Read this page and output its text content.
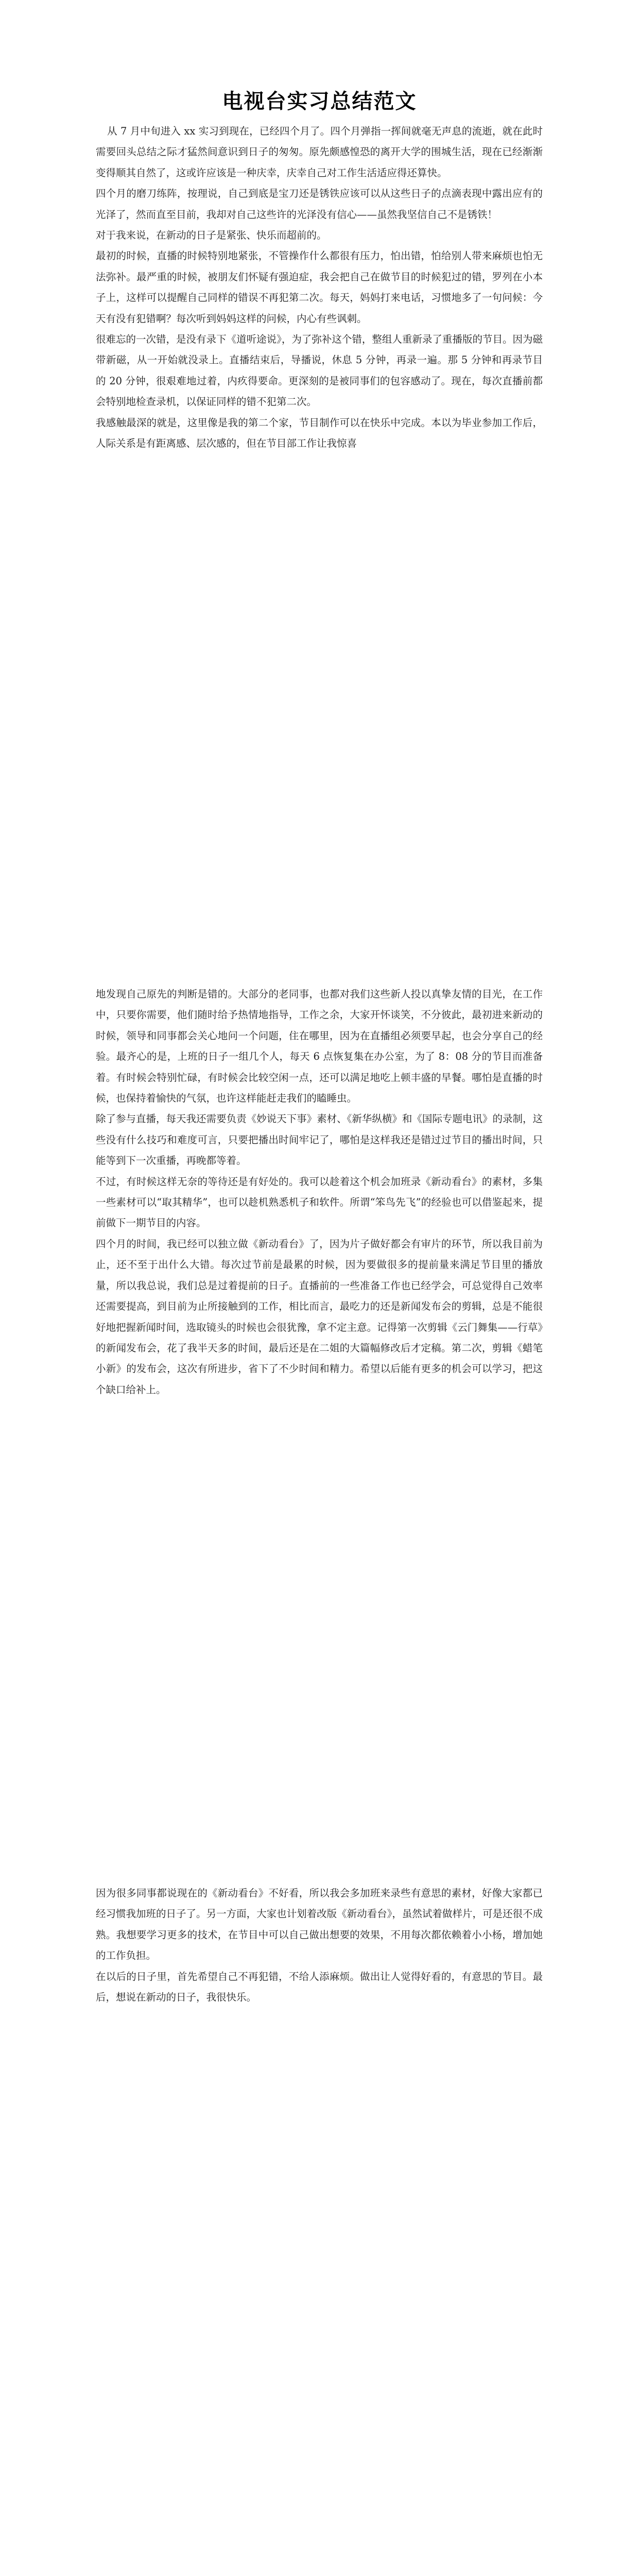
电视台实习总结范文

从 7 月中旬进入 xx 实习到现在，已经四个月了。四个月弹指一挥间就毫无声息的流逝，就在此时需要回头总结之际才猛然间意识到日子的匆匆。原先颇感惶恐的离开大学的围城生活，现在已经渐渐变得顺其自然了，这或许应该是一种庆幸，庆幸自己对工作生活适应得还算快。

四个月的磨刀练阵，按理说，自己到底是宝刀还是锈铁应该可以从这些日子的点滴表现中露出应有的光泽了，然而直至目前，我却对自己这些许的光泽没有信心——虽然我坚信自己不是锈铁！

对于我来说，在新动的日子是紧张、快乐而超前的。

最初的时候，直播的时候特别地紧张，不管操作什么都很有压力，怕出错，怕给别人带来麻烦也怕无法弥补。最严重的时候，被朋友们怀疑有强迫症，我会把自己在做节目的时候犯过的错，罗列在小本子上，这样可以提醒自己同样的错误不再犯第二次。每天，妈妈打来电话，习惯地多了一句问候：今天有没有犯错啊？每次听到妈妈这样的问候，内心有些讽刺。

很难忘的一次错，是没有录下《道听途说》，为了弥补这个错，整组人重新录了重播版的节目。因为磁带新磁，从一开始就没录上。直播结束后，导播说，休息 5 分钟，再录一遍。那 5 分钟和再录节目的 20 分钟，很艰难地过着，内疚得要命。更深刻的是被同事们的包容感动了。现在，每次直播前都会特别地检查录机，以保证同样的错不犯第二次。

我感触最深的就是，这里像是我的第二个家，节目制作可以在快乐中完成。本以为毕业参加工作后，人际关系是有距离感、层次感的，但在节目部工作让我惊喜

地发现自己原先的判断是错的。大部分的老同事，也都对我们这些新人投以真挚友情的目光，在工作中，只要你需要，他们随时给予热情地指导，工作之余，大家开怀谈笑，不分彼此，最初进来新动的时候，领导和同事都会关心地问一个问题，住在哪里，因为在直播组必须要早起，也会分享自己的经验。最齐心的是，上班的日子一组几个人，每天 6 点恢复集在办公室，为了 8：08 分的节目而准备着。有时候会特别忙碌，有时候会比较空闲一点，还可以满足地吃上顿丰盛的早餐。哪怕是直播的时候，也保持着愉快的气氛，也许这样能赶走我们的瞌睡虫。

除了参与直播，每天我还需要负责《妙说天下事》素材、《新华纵横》和《国际专题电讯》的录制，这些没有什么技巧和难度可言，只要把播出时间牢记了，哪怕是这样我还是错过过节目的播出时间，只能等到下一次重播，再晚都等着。

不过，有时候这样无奈的等待还是有好处的。我可以趁着这个机会加班录《新动看台》的素材，多集一些素材可以“取其精华”，也可以趁机熟悉机子和软件。所谓“笨鸟先飞”的经验也可以借鉴起来，提前做下一期节目的内容。

四个月的时间，我已经可以独立做《新动看台》了，因为片子做好都会有审片的环节，所以我目前为止，还不至于出什么大错。每次过节前是最累的时候，因为要做很多的提前量来满足节目里的播放量，所以我总说，我们总是过着提前的日子。直播前的一些准备工作也已经学会，可总觉得自己效率还需要提高，到目前为止所接触到的工作，相比而言，最吃力的还是新闻发布会的剪辑，总是不能很好地把握新闻时间，选取镜头的时候也会很犹豫，拿不定主意。记得第一次剪辑《云门舞集——行草》的新闻发布会，花了我半天多的时间，最后还是在二姐的大篇幅修改后才定稿。第二次，剪辑《蜡笔小新》的发布会，这次有所进步，省下了不少时间和精力。希望以后能有更多的机会可以学习，把这个缺口给补上。

因为很多同事都说现在的《新动看台》不好看，所以我会多加班来录些有意思的素材，好像大家都已经习惯我加班的日子了。另一方面，大家也计划着改版《新动看台》，虽然试着做样片，可是还很不成熟。我想要学习更多的技术，在节目中可以自己做出想要的效果，不用每次都依赖着小小杨，增加她的工作负担。

在以后的日子里，首先希望自己不再犯错，不给人添麻烦。做出让人觉得好看的，有意思的节目。最后，想说在新动的日子，我很快乐。
